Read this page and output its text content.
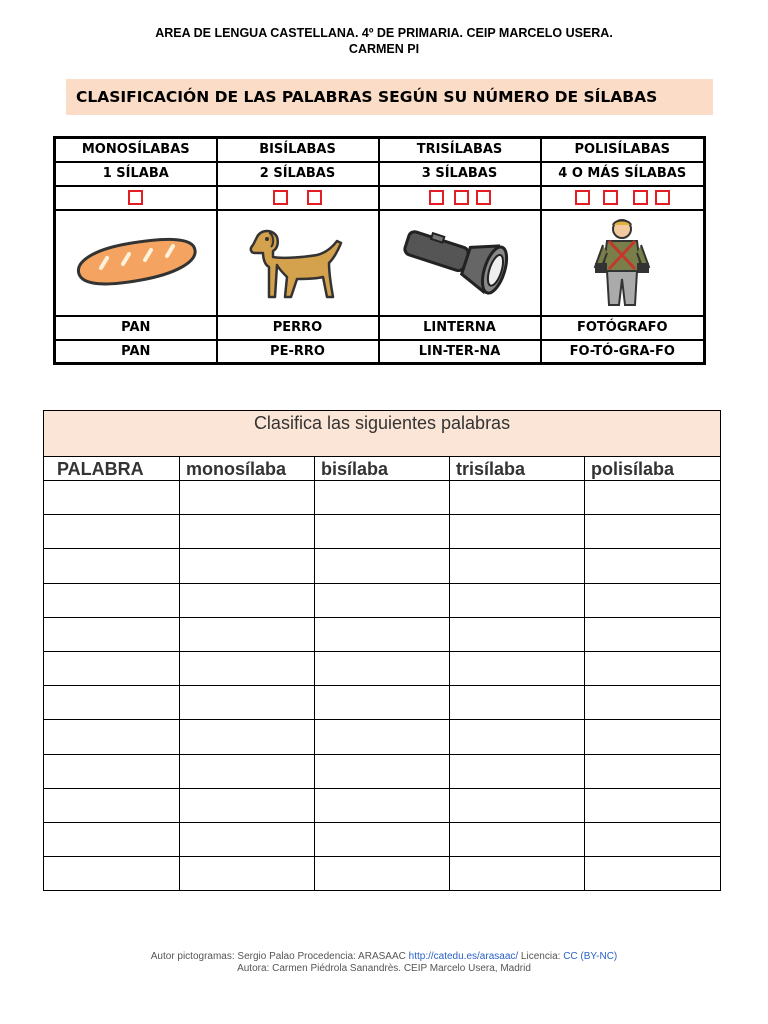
AREA DE LENGUA CASTELLANA. 4º DE PRIMARIA. CEIP MARCELO USERA.
CARMEN PI
CLASIFICACIÓN DE LAS PALABRAS SEGÚN SU NÚMERO DE SÍLABAS
MONOSÍLABAS	BISÍLABAS	TRISÍLABAS	POLISÍLABAS
1 SÍLABA	2 SÍLABAS	3 SÍLABAS	4 O MÁS SÍLABAS

PAN	PERRO	LINTERNA	FOTÓGRAFO
PAN	PE-RRO	LIN-TER-NA	FO-TÓ-GRA-FO
Clasifica las siguientes palabras				
PALABRA	monosílaba	bisílaba	trisílaba	polisílaba

Autor pictogramas: Sergio Palao Procedencia: ARASAAC http://catedu.es/arasaac/ Licencia: CC (BY-NC)
Autora: Carmen Piédrola Sanandrès. CEIP Marcelo Usera, Madrid
